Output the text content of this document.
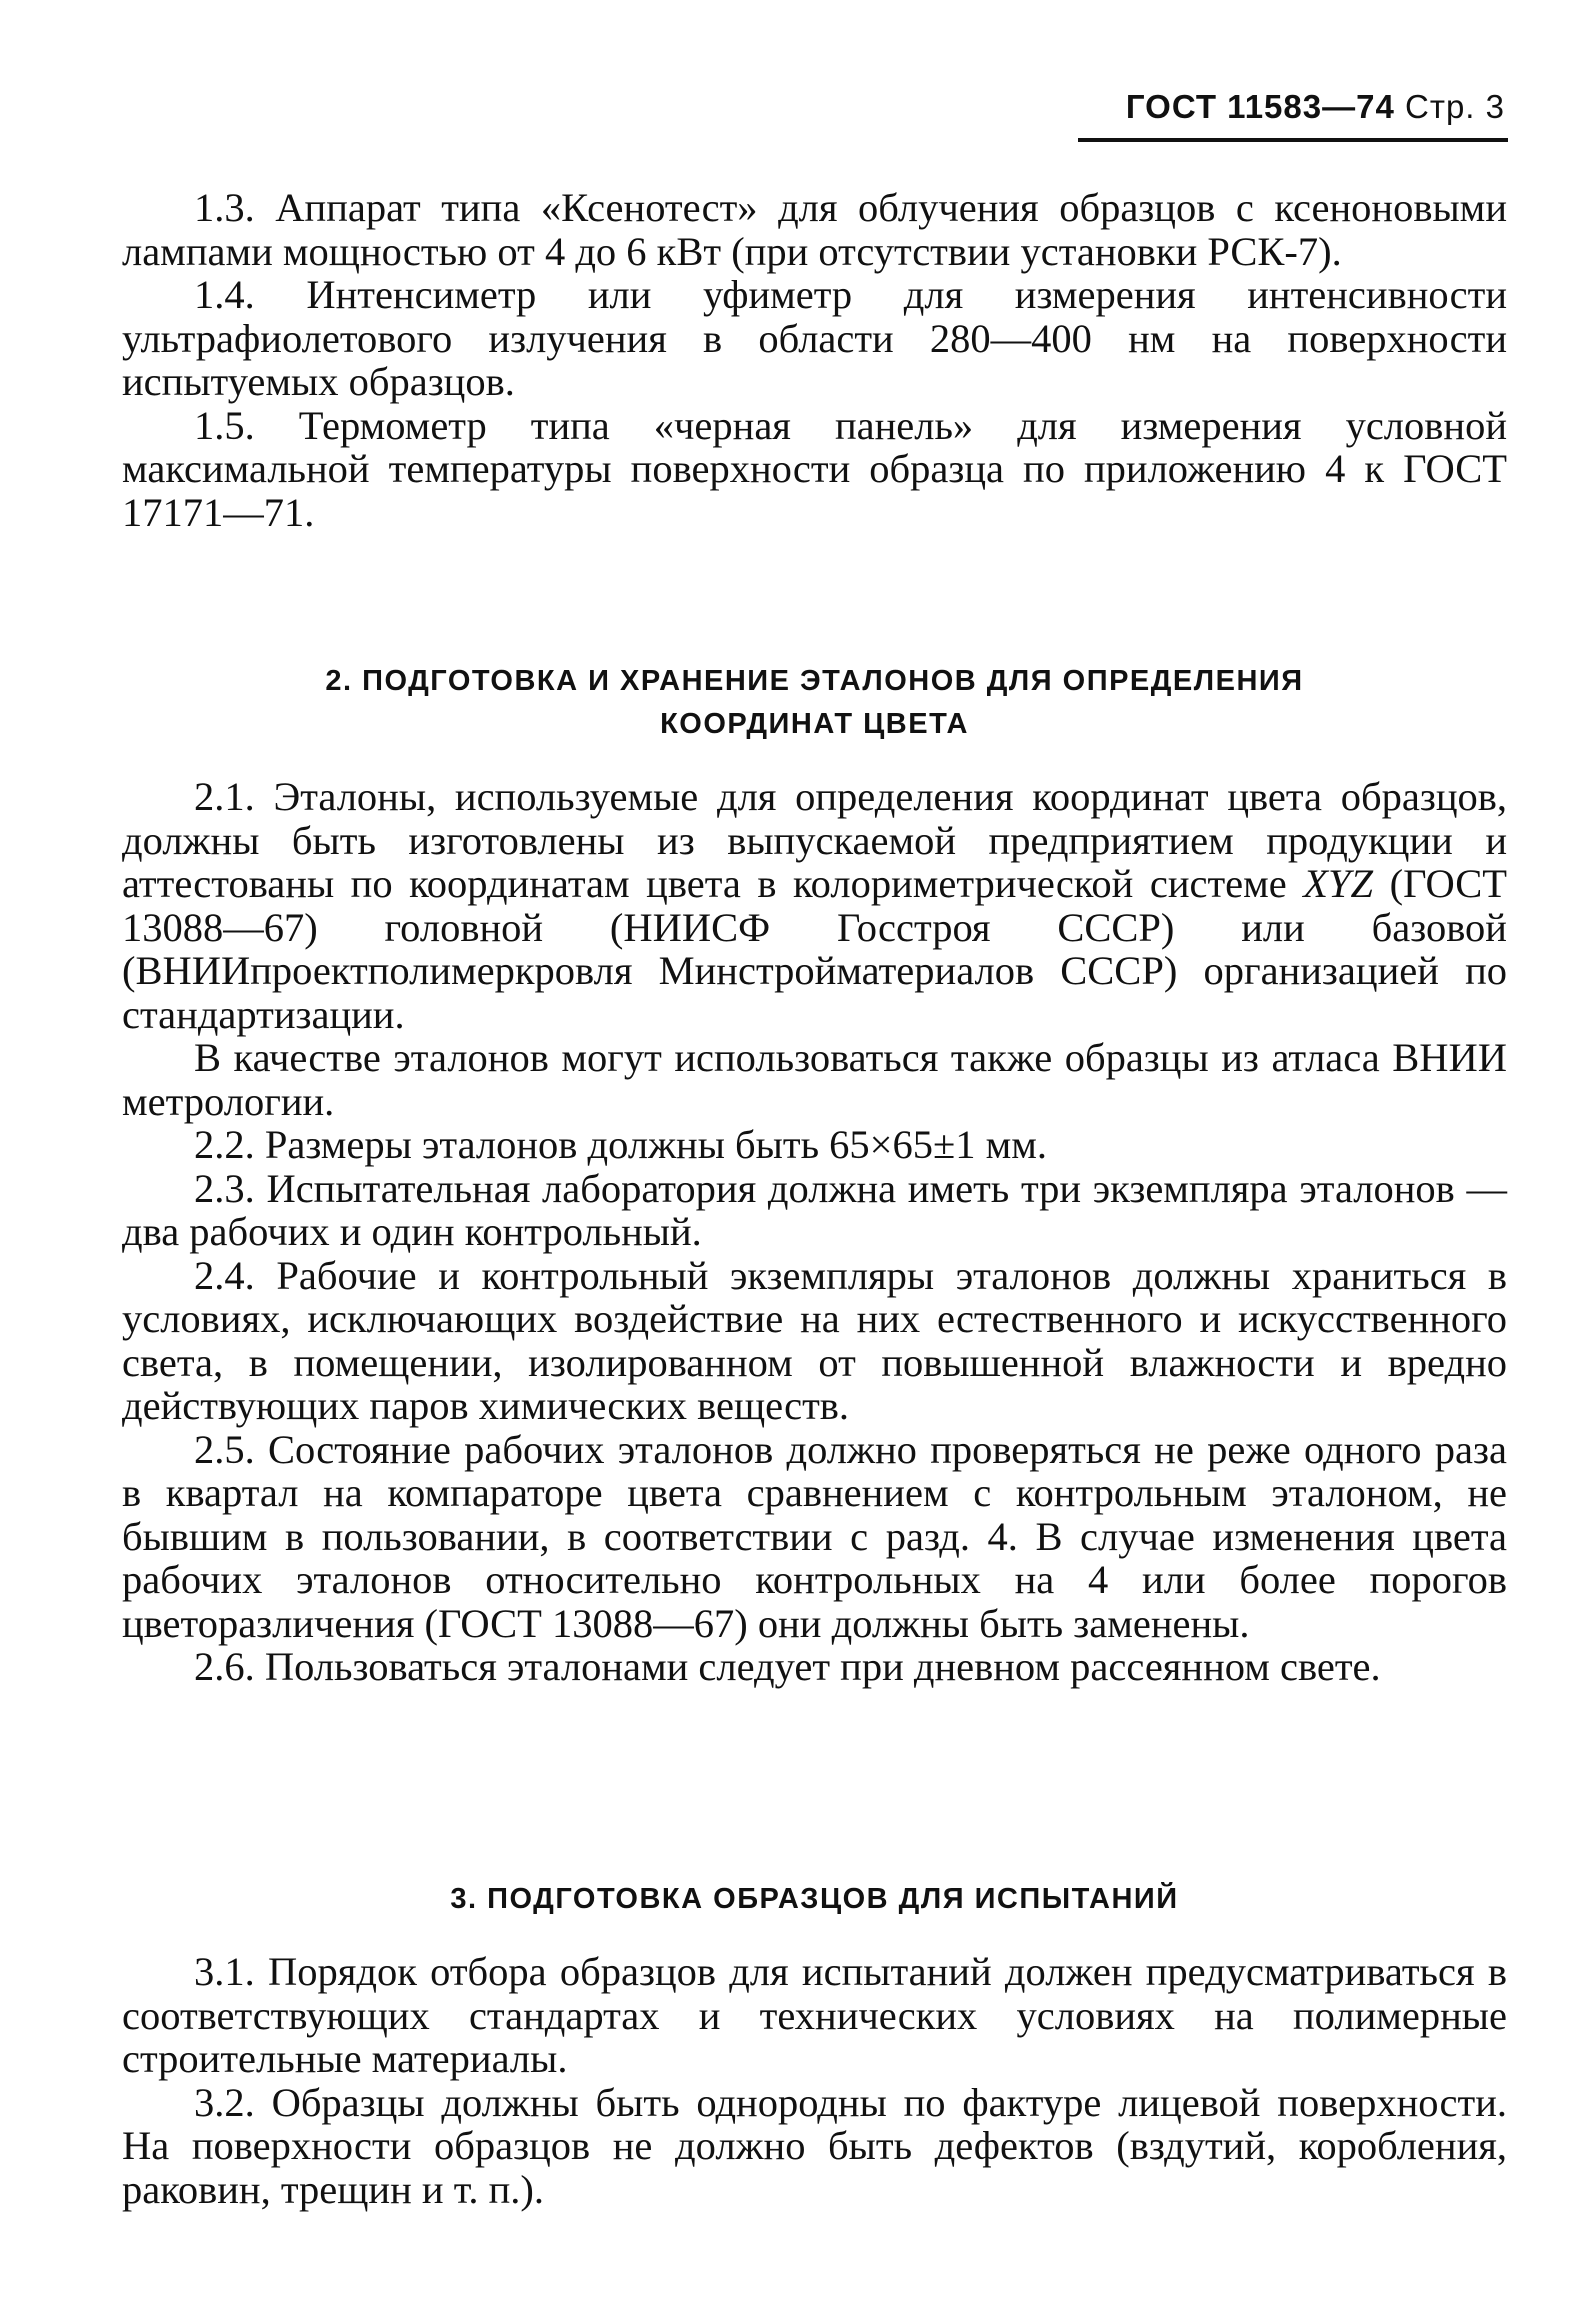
ГОСТ 11583—74 Стр. 3

1.3. Аппарат типа «Ксенотест» для облучения образцов с ксеноновыми лампами мощностью от 4 до 6 кВт (при отсутствии установки РСК-7).

1.4. Интенсиметр или уфиметр для измерения интенсивности ультрафиолетового излучения в области 280—400 нм на поверхности испытуемых образцов.

1.5. Термометр типа «черная панель» для измерения условной максимальной температуры поверхности образца по приложению 4 к ГОСТ 17171—71.

2. ПОДГОТОВКА И ХРАНЕНИЕ ЭТАЛОНОВ ДЛЯ ОПРЕДЕЛЕНИЯ КООРДИНАТ ЦВЕТА

2.1. Эталоны, используемые для определения координат цвета образцов, должны быть изготовлены из выпускаемой предприятием продукции и аттестованы по координатам цвета в колориметрической системе XYZ (ГОСТ 13088—67) головной (НИИСФ Госстроя СССР) или базовой (ВНИИпроектполимеркровля Минстройматериалов СССР) организацией по стандартизации.

В качестве эталонов могут использоваться также образцы из атласа ВНИИ метрологии.

2.2. Размеры эталонов должны быть 65×65±1 мм.

2.3. Испытательная лаборатория должна иметь три экземпляра эталонов — два рабочих и один контрольный.

2.4. Рабочие и контрольный экземпляры эталонов должны храниться в условиях, исключающих воздействие на них естественного и искусственного света, в помещении, изолированном от повышенной влажности и вредно действующих паров химических веществ.

2.5. Состояние рабочих эталонов должно проверяться не реже одного раза в квартал на компараторе цвета сравнением с контрольным эталоном, не бывшим в пользовании, в соответствии с разд. 4. В случае изменения цвета рабочих эталонов относительно контрольных на 4 или более порогов цветоразличения (ГОСТ 13088—67) они должны быть заменены.

2.6. Пользоваться эталонами следует при дневном рассеянном свете.

3. ПОДГОТОВКА ОБРАЗЦОВ ДЛЯ ИСПЫТАНИЙ

3.1. Порядок отбора образцов для испытаний должен предусматриваться в соответствующих стандартах и технических условиях на полимерные строительные материалы.

3.2. Образцы должны быть однородны по фактуре лицевой поверхности. На поверхности образцов не должно быть дефектов (вздутий, коробления, раковин, трещин и т. п.).
